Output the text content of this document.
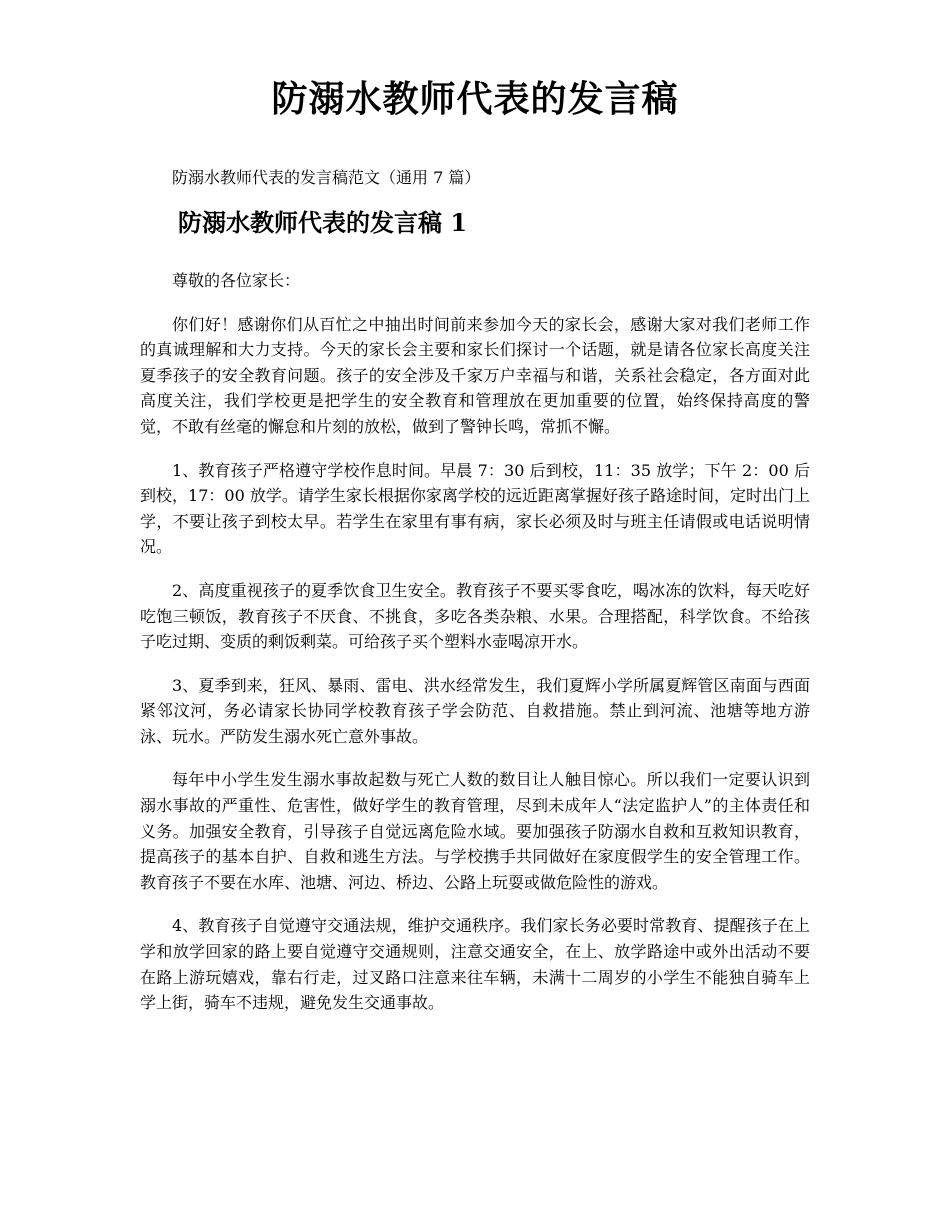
防溺水教师代表的发言稿

防溺水教师代表的发言稿范文（通用 7 篇）

防溺水教师代表的发言稿 1

尊敬的各位家长：

你们好！感谢你们从百忙之中抽出时间前来参加今天的家长会，感谢大家对我们老师工作的真诚理解和大力支持。今天的家长会主要和家长们探讨一个话题，就是请各位家长高度关注夏季孩子的安全教育问题。孩子的安全涉及千家万户幸福与和谐，关系社会稳定，各方面对此高度关注，我们学校更是把学生的安全教育和管理放在更加重要的位置，始终保持高度的警觉，不敢有丝毫的懈怠和片刻的放松，做到了警钟长鸣，常抓不懈。

1、教育孩子严格遵守学校作息时间。早晨 7：30 后到校，11：35 放学；下午 2：00 后到校，17：00 放学。请学生家长根据你家离学校的远近距离掌握好孩子路途时间，定时出门上学，不要让孩子到校太早。若学生在家里有事有病，家长必须及时与班主任请假或电话说明情况。

2、高度重视孩子的夏季饮食卫生安全。教育孩子不要买零食吃，喝冰冻的饮料，每天吃好吃饱三顿饭，教育孩子不厌食、不挑食，多吃各类杂粮、水果。合理搭配，科学饮食。不给孩子吃过期、变质的剩饭剩菜。可给孩子买个塑料水壶喝凉开水。

3、夏季到来，狂风、暴雨、雷电、洪水经常发生，我们夏辉小学所属夏辉管区南面与西面紧邻汶河，务必请家长协同学校教育孩子学会防范、自救措施。禁止到河流、池塘等地方游泳、玩水。严防发生溺水死亡意外事故。

每年中小学生发生溺水事故起数与死亡人数的数目让人触目惊心。所以我们一定要认识到溺水事故的严重性、危害性，做好学生的教育管理，尽到未成年人“法定监护人”的主体责任和义务。加强安全教育，引导孩子自觉远离危险水域。要加强孩子防溺水自救和互救知识教育，提高孩子的基本自护、自救和逃生方法。与学校携手共同做好在家度假学生的安全管理工作。教育孩子不要在水库、池塘、河边、桥边、公路上玩耍或做危险性的游戏。

4、教育孩子自觉遵守交通法规，维护交通秩序。我们家长务必要时常教育、提醒孩子在上学和放学回家的路上要自觉遵守交通规则，注意交通安全，在上、放学路途中或外出活动不要在路上游玩嬉戏，靠右行走，过叉路口注意来往车辆，未满十二周岁的小学生不能独自骑车上学上街，骑车不违规，避免发生交通事故。
